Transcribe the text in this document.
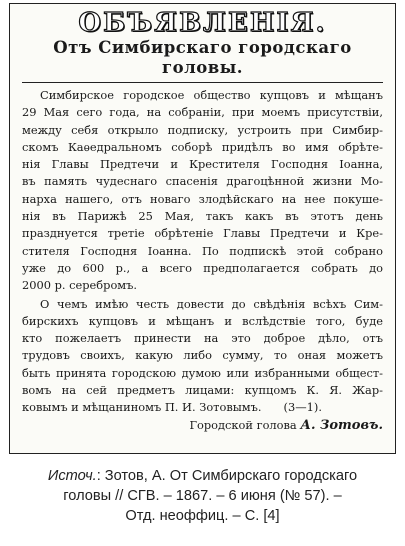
ОБЪЯВЛЕНІЯ.
Отъ Симбирскаго городскаго
головы.
Симбирское городское общество купцовъ и мѣщанъ
29 Мая сего года, на собраніи, при моемъ присутствіи,
между себя открыло подписку, устроить при Симбир-
скомъ Каѳедральномъ соборѣ придѣлъ во имя обрѣте-
нія Главы Предтечи и Крестителя Господня Іоанна,
въ память чудеснаго спасенія драгоцѣнной жизни Мо-
нарха нашего, отъ новаго злодѣйскаго на нее покуше-
нія въ Парижѣ 25 Мая, такъ какъ въ этотъ день
празднуется третіе обрѣтеніе Главы Предтечи и Кре-
стителя Господня Іоанна. По подпискѣ этой собрано
уже до 600 р., а всего предполагается собрать до
2000 р. серебромъ.
О чемъ имѣю честь довести до свѣдѣнія всѣхъ Сим-
бирскихъ купцовъ и мѣщанъ и вслѣдствіе того, буде
кто пожелаетъ принести на это доброе дѣло, отъ
трудовъ своихъ, какую либо сумму, то оная можетъ
быть принята городскою думою или избранными общест-
вомъ на сей предметъ лицами: купцомъ К. Я. Жар-
ковымъ и мѣщаниномъ П. И. Зотовымъ. (3—1).
Городской голова А. Зотовъ.
Источ.: Зотов, А. От Симбирскаго городскаго
головы // СГВ. – 1867. – 6 июня (№ 57). –
Отд. неоффиц. – С. [4]
